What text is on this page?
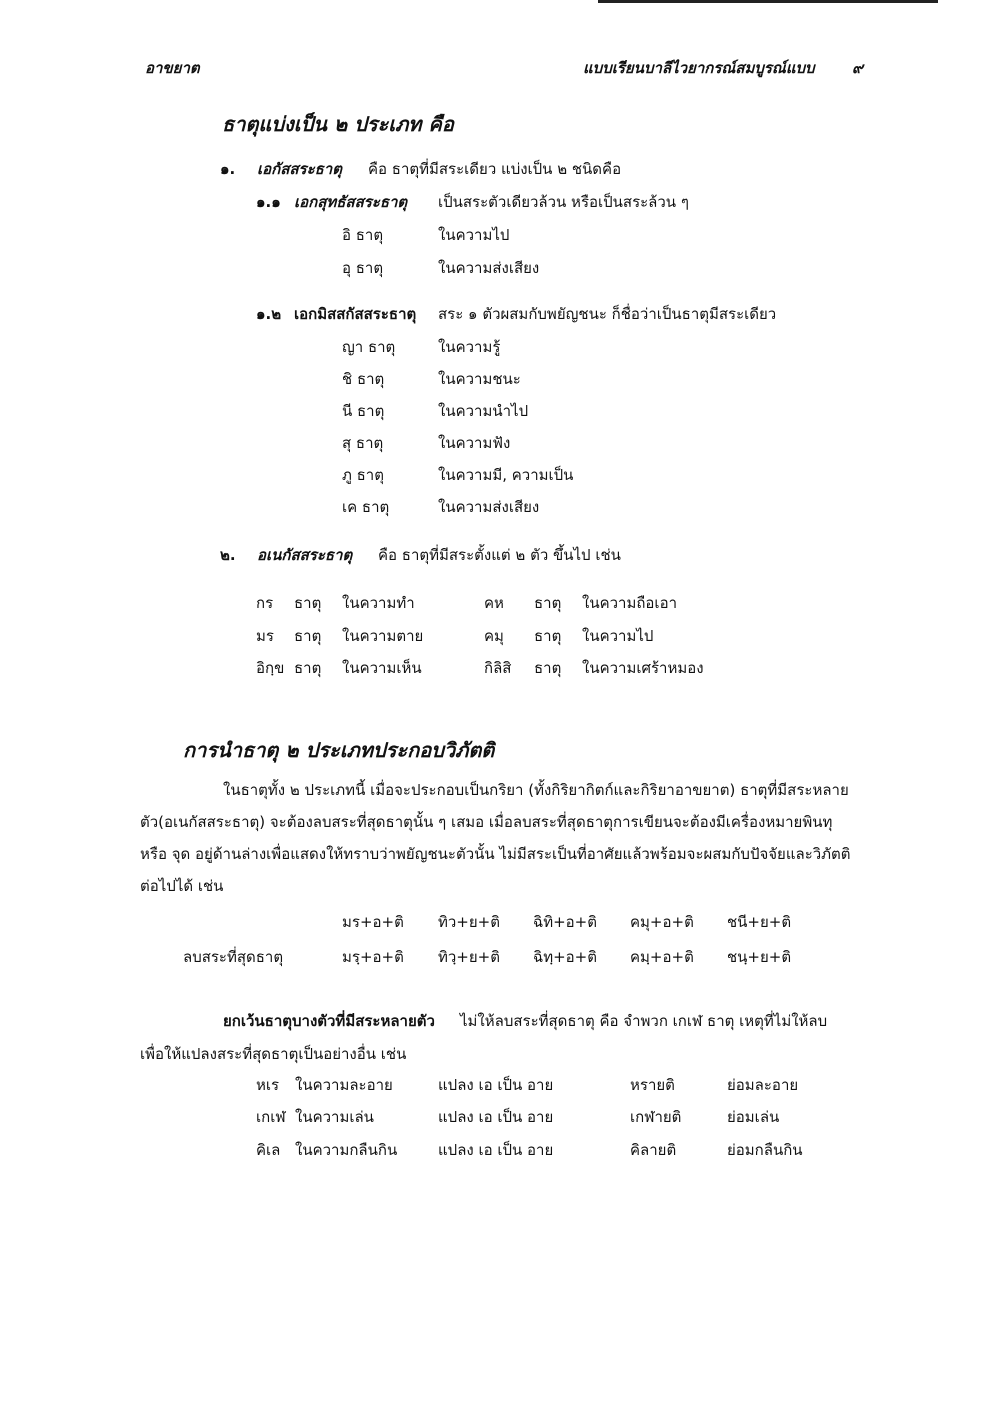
อาขยาต	แบบเรียนบาลีไวยากรณ์สมบูรณ์แบบ ๙
ธาตุแบ่งเป็น ๒ ประเภท คือ
๑. เอกัสสระธาตุ คือ ธาตุที่มีสระเดียว แบ่งเป็น ๒ ชนิดคือ
๑.๑ เอกสุทธัสสระธาตุ เป็นสระตัวเดียวล้วน หรือเป็นสระล้วน ๆ
อิ ธาตุ	ในความไป
อุ ธาตุ	ในความส่งเสียง
๑.๒ เอกมิสสกัสสระธาตุ สระ ๑ ตัวผสมกับพยัญชนะ ก็ชื่อว่าเป็นธาตุมีสระเดียว
ญา ธาตุ	ในความรู้
ชิ ธาตุ	ในความชนะ
นี ธาตุ	ในความนำไป
สุ ธาตุ	ในความฟัง
ภู ธาตุ	ในความมี, ความเป็น
เค ธาตุ	ในความส่งเสียง
๒. อเนกัสสระธาตุ คือ ธาตุที่มีสระตั้งแต่ ๒ ตัว ขึ้นไป เช่น
กร ธาตุ ในความทำ	คห ธาตุ ในความถือเอา
มร ธาตุ ในความตาย	คมุ ธาตุ ในความไป
อิกฺข ธาตุ ในความเห็น	กิลิสิ ธาตุ ในความเศร้าหมอง
การนำธาตุ ๒ ประเภทประกอบวิภัตติ
ในธาตุทั้ง ๒ ประเภทนี้ เมื่อจะประกอบเป็นกริยา (ทั้งกิริยากิตก์และกิริยาอาขยาต) ธาตุที่มีสระหลาย
ตัว(อเนกัสสระธาตุ) จะต้องลบสระที่สุดธาตุนั้น ๆ เสมอ เมื่อลบสระที่สุดธาตุการเขียนจะต้องมีเครื่องหมายพินทุ
หรือ จุด อยู่ด้านล่างเพื่อแสดงให้ทราบว่าพยัญชนะตัวนั้น ไม่มีสระเป็นที่อาศัยแล้วพร้อมจะผสมกับปัจจัยและวิภัตติ
ต่อไปได้ เช่น
มร+อ+ติ ทิว+ย+ติ ฉิทิ+อ+ติ คมุ+อ+ติ ชนี+ย+ติ
ลบสระที่สุดธาตุ	มรฺ+อ+ติ ทิวฺ+ย+ติ ฉิทฺ+อ+ติ คมฺ+อ+ติ ชนฺ+ย+ติ
ยกเว้นธาตุบางตัวที่มีสระหลายตัว ไม่ให้ลบสระที่สุดธาตุ คือ จำพวก เกเฬ ธาตุ เหตุที่ไม่ให้ลบ
เพื่อให้แปลงสระที่สุดธาตุเป็นอย่างอื่น เช่น
หเร ในความละอาย	แปลง เอ เป็น อาย	หรายติ	ย่อมละอาย
เกเฬ ในความเล่น	แปลง เอ เป็น อาย	เกฬายติ	ย่อมเล่น
คิเล ในความกลืนกิน	แปลง เอ เป็น อาย	คิลายติ	ย่อมกลืนกิน
